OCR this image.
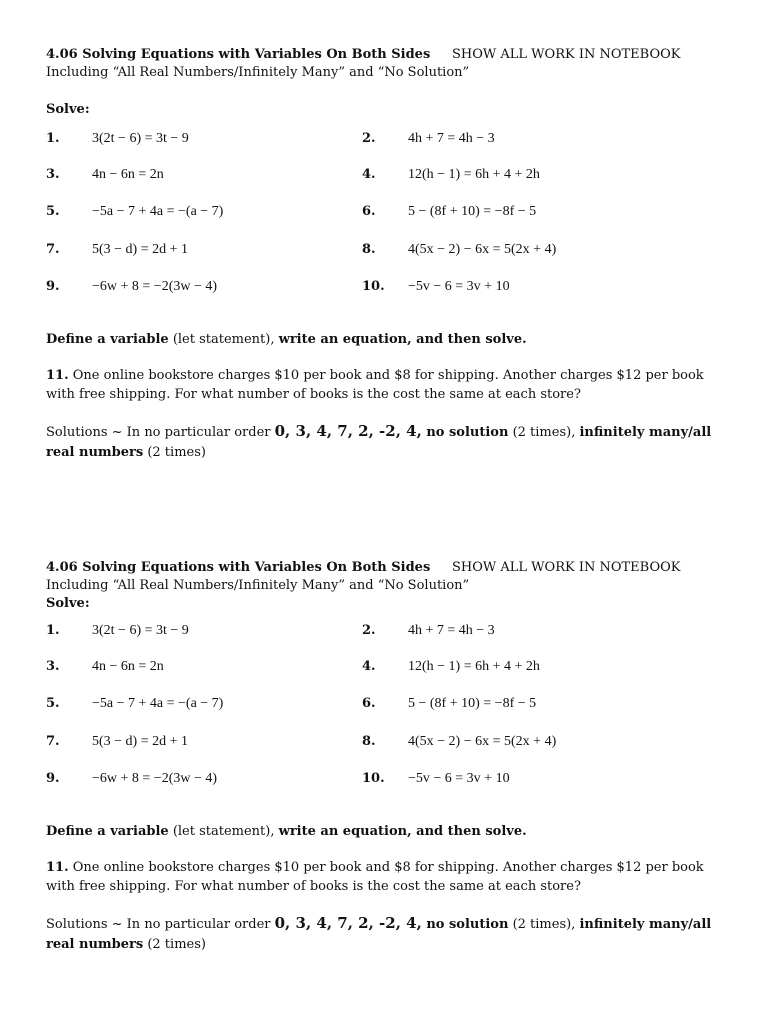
4.06 Solving Equations with Variables On Both Sides SHOW ALL WORK IN NOTEBOOK
Including “All Real Numbers/Infinitely Many” and “No Solution”
Solve:
1. 3(2t − 6) = 3t − 9	2. 4h + 7 = 4h − 3
3. 4n − 6n = 2n	4. 12(h − 1) = 6h + 4 + 2h
5. −5a − 7 + 4a = −(a − 7)	6. 5 − (8f + 10) = −8f − 5
7. 5(3 − d) = 2d + 1	8. 4(5x − 2) − 6x = 5(2x + 4)
9. −6w + 8 = −2(3w − 4)	10. −5v − 6 = 3v + 10
Define a variable (let statement), write an equation, and then solve.
11. One online bookstore charges $10 per book and $8 for shipping. Another charges $12 per book with free shipping. For what number of books is the cost the same at each store?
Solutions ~ In no particular order 0, 3, 4, 7, 2, -2, 4, no solution (2 times), infinitely many/all real numbers (2 times)
4.06 Solving Equations with Variables On Both Sides SHOW ALL WORK IN NOTEBOOK
Including “All Real Numbers/Infinitely Many” and “No Solution”
Solve:
1. 3(2t − 6) = 3t − 9	2. 4h + 7 = 4h − 3
3. 4n − 6n = 2n	4. 12(h − 1) = 6h + 4 + 2h
5. −5a − 7 + 4a = −(a − 7)	6. 5 − (8f + 10) = −8f − 5
7. 5(3 − d) = 2d + 1	8. 4(5x − 2) − 6x = 5(2x + 4)
9. −6w + 8 = −2(3w − 4)	10. −5v − 6 = 3v + 10
Define a variable (let statement), write an equation, and then solve.
11. One online bookstore charges $10 per book and $8 for shipping. Another charges $12 per book with free shipping. For what number of books is the cost the same at each store?
Solutions ~ In no particular order 0, 3, 4, 7, 2, -2, 4, no solution (2 times), infinitely many/all real numbers (2 times)
